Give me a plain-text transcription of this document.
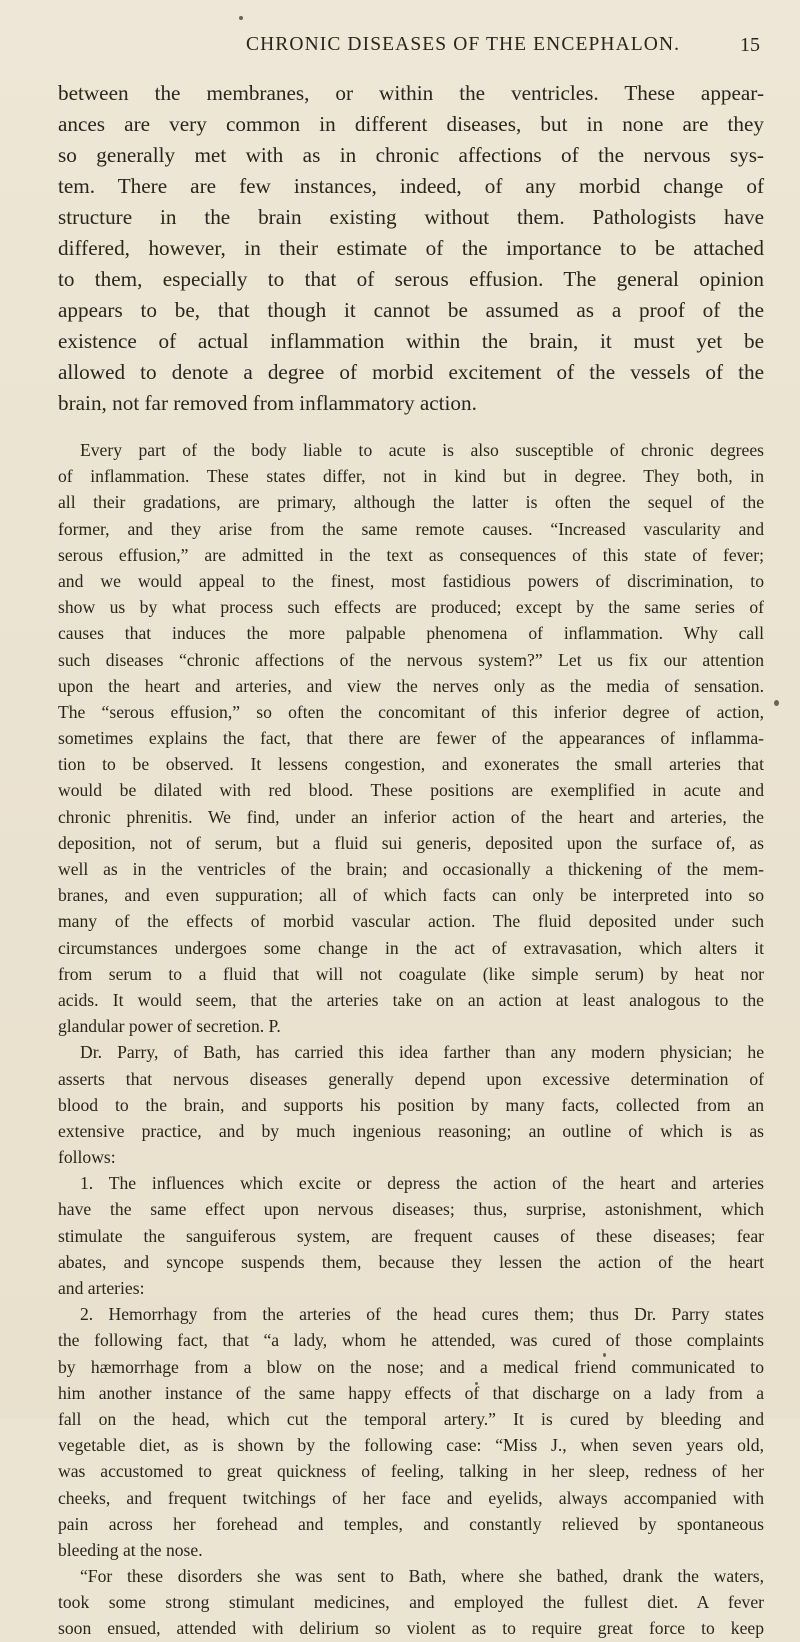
CHRONIC DISEASES OF THE ENCEPHALON.	15
between the membranes, or within the ventricles. These appear-
ances are very common in different diseases, but in none are they
so generally met with as in chronic affections of the nervous sys-
tem. There are few instances, indeed, of any morbid change of
structure in the brain existing without them. Pathologists have
differed, however, in their estimate of the importance to be attached
to them, especially to that of serous effusion. The general opinion
appears to be, that though it cannot be assumed as a proof of the
existence of actual inflammation within the brain, it must yet be
allowed to denote a degree of morbid excitement of the vessels of the
brain, not far removed from inflammatory action.
Every part of the body liable to acute is also susceptible of chronic degrees
of inflammation. These states differ, not in kind but in degree. They both, in
all their gradations, are primary, although the latter is often the sequel of the
former, and they arise from the same remote causes. “Increased vascularity and
serous effusion,” are admitted in the text as consequences of this state of fever;
and we would appeal to the finest, most fastidious powers of discrimination, to
show us by what process such effects are produced; except by the same series of
causes that induces the more palpable phenomena of inflammation. Why call
such diseases “chronic affections of the nervous system?” Let us fix our attention
upon the heart and arteries, and view the nerves only as the media of sensation.
The “serous effusion,” so often the concomitant of this inferior degree of action,
sometimes explains the fact, that there are fewer of the appearances of inflamma-
tion to be observed. It lessens congestion, and exonerates the small arteries that
would be dilated with red blood. These positions are exemplified in acute and
chronic phrenitis. We find, under an inferior action of the heart and arteries, the
deposition, not of serum, but a fluid sui generis, deposited upon the surface of, as
well as in the ventricles of the brain; and occasionally a thickening of the mem-
branes, and even suppuration; all of which facts can only be interpreted into so
many of the effects of morbid vascular action. The fluid deposited under such
circumstances undergoes some change in the act of extravasation, which alters it
from serum to a fluid that will not coagulate (like simple serum) by heat nor
acids. It would seem, that the arteries take on an action at least analogous to the
glandular power of secretion. P.
Dr. Parry, of Bath, has carried this idea farther than any modern physician; he
asserts that nervous diseases generally depend upon excessive determination of
blood to the brain, and supports his position by many facts, collected from an
extensive practice, and by much ingenious reasoning; an outline of which is as
follows:
1. The influences which excite or depress the action of the heart and arteries
have the same effect upon nervous diseases; thus, surprise, astonishment, which
stimulate the sanguiferous system, are frequent causes of these diseases; fear
abates, and syncope suspends them, because they lessen the action of the heart
and arteries:
2. Hemorrhagy from the arteries of the head cures them; thus Dr. Parry states
the following fact, that “a lady, whom he attended, was cured of those complaints
by hæmorrhage from a blow on the nose; and a medical friend communicated to
him another instance of the same happy effects of that discharge on a lady from a
fall on the head, which cut the temporal artery.” It is cured by bleeding and
vegetable diet, as is shown by the following case: “Miss J., when seven years old,
was accustomed to great quickness of feeling, talking in her sleep, redness of her
cheeks, and frequent twitchings of her face and eyelids, always accompanied with
pain across her forehead and temples, and constantly relieved by spontaneous
bleeding at the nose.
“For these disorders she was sent to Bath, where she bathed, drank the waters,
took some strong stimulant medicines, and employed the fullest diet. A fever
soon ensued, attended with delirium so violent as to require great force to keep
